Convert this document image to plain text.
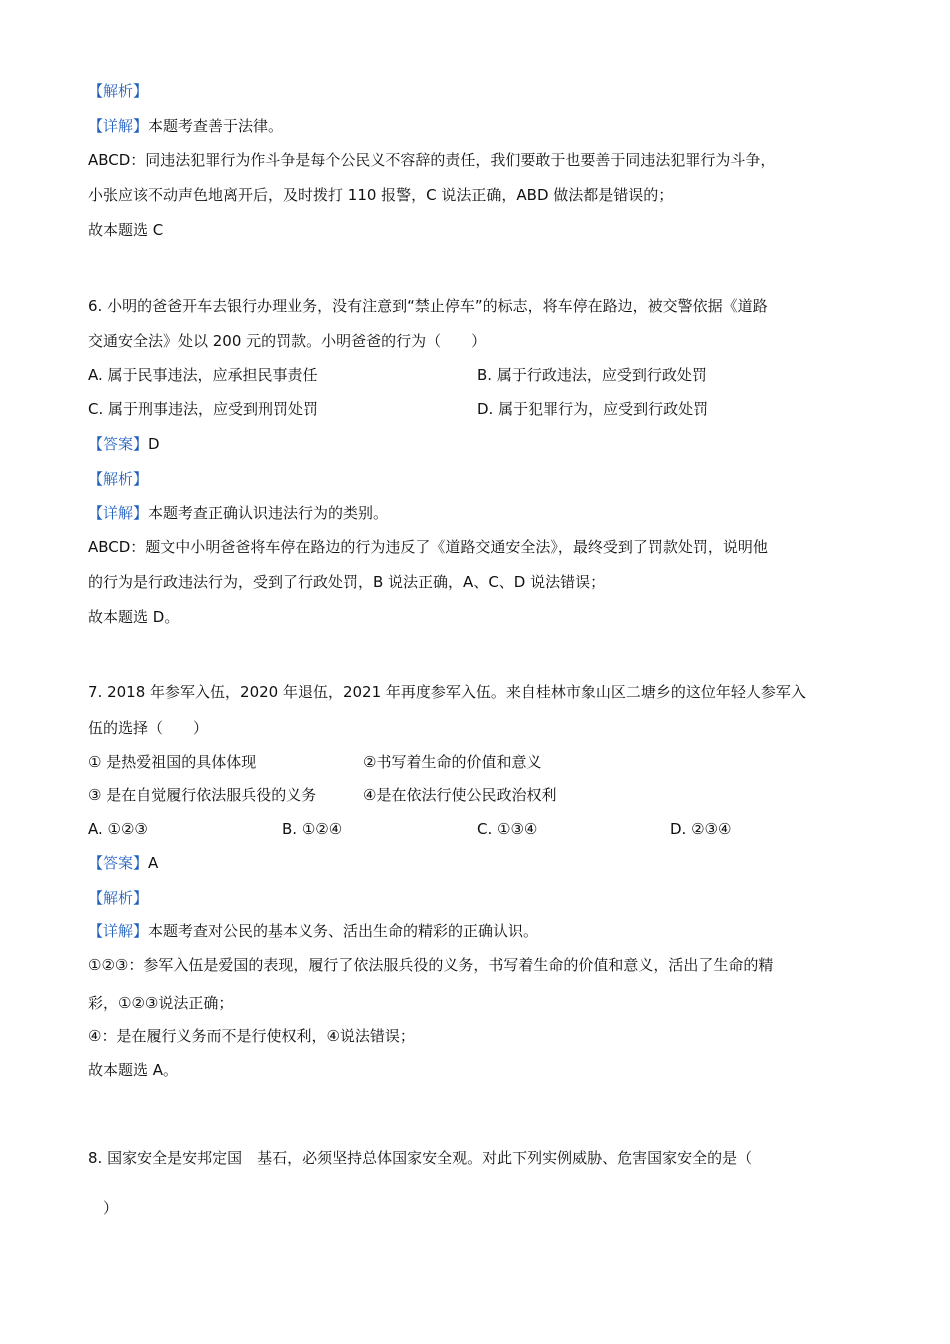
【解析】
【详解】本题考查善于法律。
ABCD：同违法犯罪行为作斗争是每个公民义不容辞的责任，我们要敢于也要善于同违法犯罪行为斗争，
小张应该不动声色地离开后，及时拨打 110 报警，C 说法正确，ABD 做法都是错误的；
故本题选 C
6. 小明的爸爸开车去银行办理业务，没有注意到“禁止停车”的标志，将车停在路边，被交警依据《道路
交通安全法》处以 200 元的罚款。小明爸爸的行为（　　）
A. 属于民事违法，应承担民事责任	B. 属于行政违法，应受到行政处罚
C. 属于刑事违法，应受到刑罚处罚	D. 属于犯罪行为，应受到行政处罚
【答案】D
【解析】
【详解】本题考查正确认识违法行为的类别。
ABCD：题文中小明爸爸将车停在路边的行为违反了《道路交通安全法》，最终受到了罚款处罚，说明他
的行为是行政违法行为，受到了行政处罚，B 说法正确，A、C、D 说法错误；
故本题选 D。
7. 2018 年参军入伍，2020 年退伍，2021 年再度参军入伍。来自桂林市象山区二塘乡的这位年轻人参军入
伍的选择（　　）
① 是热爱祖国的具体体现	②书写着生命的价值和意义
③ 是在自觉履行依法服兵役的义务	④是在依法行使公民政治权利
A. ①②③	B. ①②④	C. ①③④	D. ②③④
【答案】A
【解析】
【详解】本题考查对公民的基本义务、活出生命的精彩的正确认识。
①②③：参军入伍是爱国的表现，履行了依法服兵役的义务，书写着生命的价值和意义，活出了生命的精
彩，①②③说法正确；
④：是在履行义务而不是行使权利，④说法错误；
故本题选 A。
8. 国家安全是安邦定国　基石，必须坚持总体国家安全观。对此下列实例威胁、危害国家安全的是（
　）
